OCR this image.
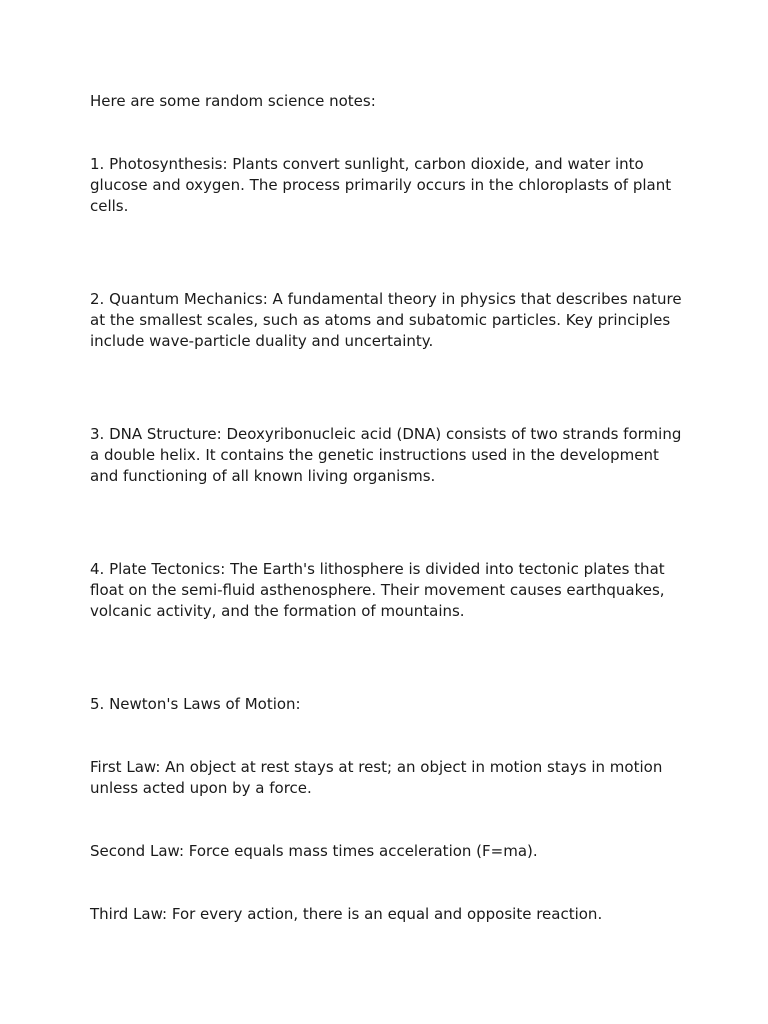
Here are some random science notes:

1. Photosynthesis: Plants convert sunlight, carbon dioxide, and water into glucose and oxygen. The process primarily occurs in the chloroplasts of plant cells.

2. Quantum Mechanics: A fundamental theory in physics that describes nature at the smallest scales, such as atoms and subatomic particles. Key principles include wave-particle duality and uncertainty.

3. DNA Structure: Deoxyribonucleic acid (DNA) consists of two strands forming a double helix. It contains the genetic instructions used in the development and functioning of all known living organisms.

4. Plate Tectonics: The Earth's lithosphere is divided into tectonic plates that float on the semi-fluid asthenosphere. Their movement causes earthquakes, volcanic activity, and the formation of mountains.

5. Newton's Laws of Motion:

First Law: An object at rest stays at rest; an object in motion stays in motion unless acted upon by a force.

Second Law: Force equals mass times acceleration (F=ma).

Third Law: For every action, there is an equal and opposite reaction.
